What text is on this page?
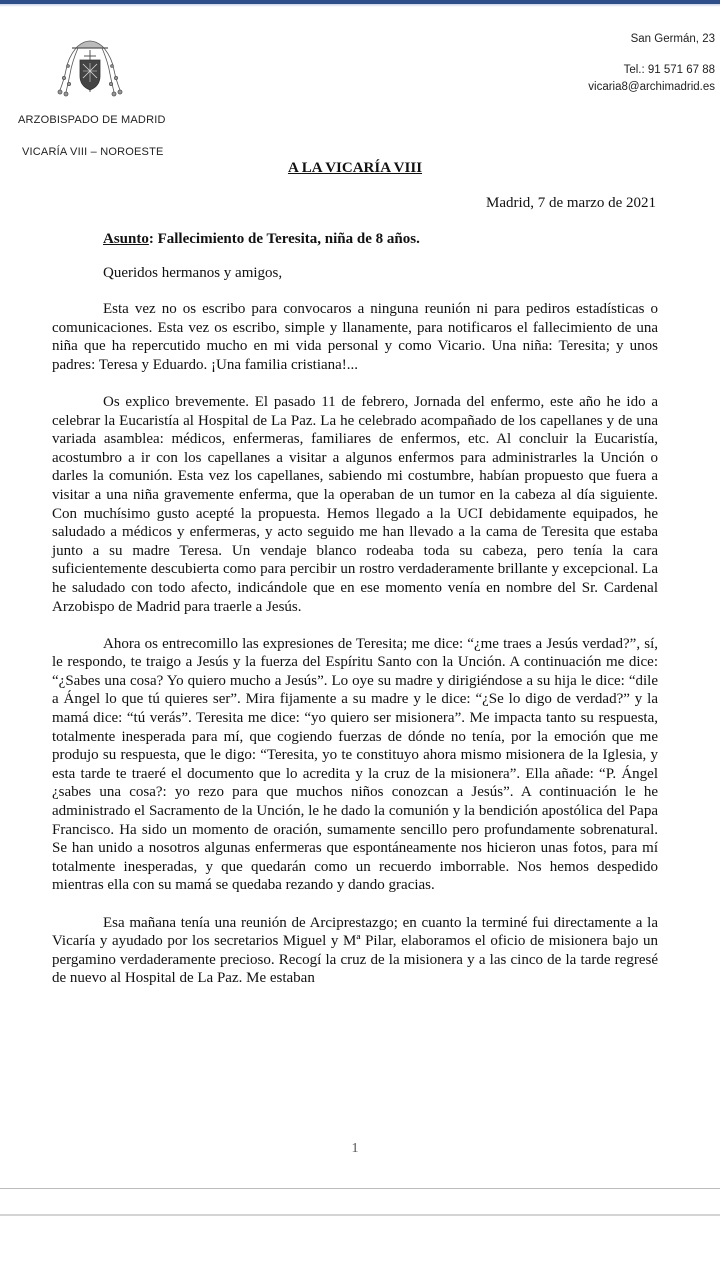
ARZOBISPADO DE MADRID
VICARÍA VIII – NOROESTE
San Germán, 23
Tel.: 91 571 67 88
vicaria8@archimadrid.es
A LA VICARÍA VIII
Madrid, 7 de marzo de 2021
Asunto: Fallecimiento de Teresita, niña de 8 años.
Queridos hermanos y amigos,

Esta vez no os escribo para convocaros a ninguna reunión ni para pediros estadísticas o comunicaciones. Esta vez os escribo, simple y llanamente, para notificaros el fallecimiento de una niña que ha repercutido mucho en mi vida personal y como Vicario. Una niña: Teresita; y unos padres: Teresa y Eduardo. ¡Una familia cristiana!...

Os explico brevemente. El pasado 11 de febrero, Jornada del enfermo, este año he ido a celebrar la Eucaristía al Hospital de La Paz. La he celebrado acompañado de los capellanes y de una variada asamblea: médicos, enfermeras, familiares de enfermos, etc. Al concluir la Eucaristía, acostumbro a ir con los capellanes a visitar a algunos enfermos para administrarles la Unción o darles la comunión. Esta vez los capellanes, sabiendo mi costumbre, habían propuesto que fuera a visitar a una niña gravemente enferma, que la operaban de un tumor en la cabeza al día siguiente. Con muchísimo gusto acepté la propuesta. Hemos llegado a la UCI debidamente equipados, he saludado a médicos y enfermeras, y acto seguido me han llevado a la cama de Teresita que estaba junto a su madre Teresa. Un vendaje blanco rodeaba toda su cabeza, pero tenía la cara suficientemente descubierta como para percibir un rostro verdaderamente brillante y excepcional. La he saludado con todo afecto, indicándole que en ese momento venía en nombre del Sr. Cardenal Arzobispo de Madrid para traerle a Jesús.

Ahora os entrecomillo las expresiones de Teresita; me dice: “¿me traes a Jesús verdad?”, sí, le respondo, te traigo a Jesús y la fuerza del Espíritu Santo con la Unción. A continuación me dice: “¿Sabes una cosa? Yo quiero mucho a Jesús”. Lo oye su madre y dirigiéndose a su hija le dice: “dile a Ángel lo que tú quieres ser”. Mira fijamente a su madre y le dice: “¿Se lo digo de verdad?” y la mamá dice: “tú verás”. Teresita me dice: “yo quiero ser misionera”. Me impacta tanto su respuesta, totalmente inesperada para mí, que cogiendo fuerzas de dónde no tenía, por la emoción que me produjo su respuesta, que le digo: “Teresita, yo te constituyo ahora mismo misionera de la Iglesia, y esta tarde te traeré el documento que lo acredita y la cruz de la misionera”. Ella añade: “P. Ángel ¿sabes una cosa?: yo rezo para que muchos niños conozcan a Jesús”. A continuación le he administrado el Sacramento de la Unción, le he dado la comunión y la bendición apostólica del Papa Francisco. Ha sido un momento de oración, sumamente sencillo pero profundamente sobrenatural. Se han unido a nosotros algunas enfermeras que espontáneamente nos hicieron unas fotos, para mí totalmente inesperadas, y que quedarán como un recuerdo imborrable. Nos hemos despedido mientras ella con su mamá se quedaba rezando y dando gracias.

Esa mañana tenía una reunión de Arciprestazgo; en cuanto la terminé fui directamente a la Vicaría y ayudado por los secretarios Miguel y Mª Pilar, elaboramos el oficio de misionera bajo un pergamino verdaderamente precioso. Recogí la cruz de la misionera y a las cinco de la tarde regresé de nuevo al Hospital de La Paz. Me estaban

1
